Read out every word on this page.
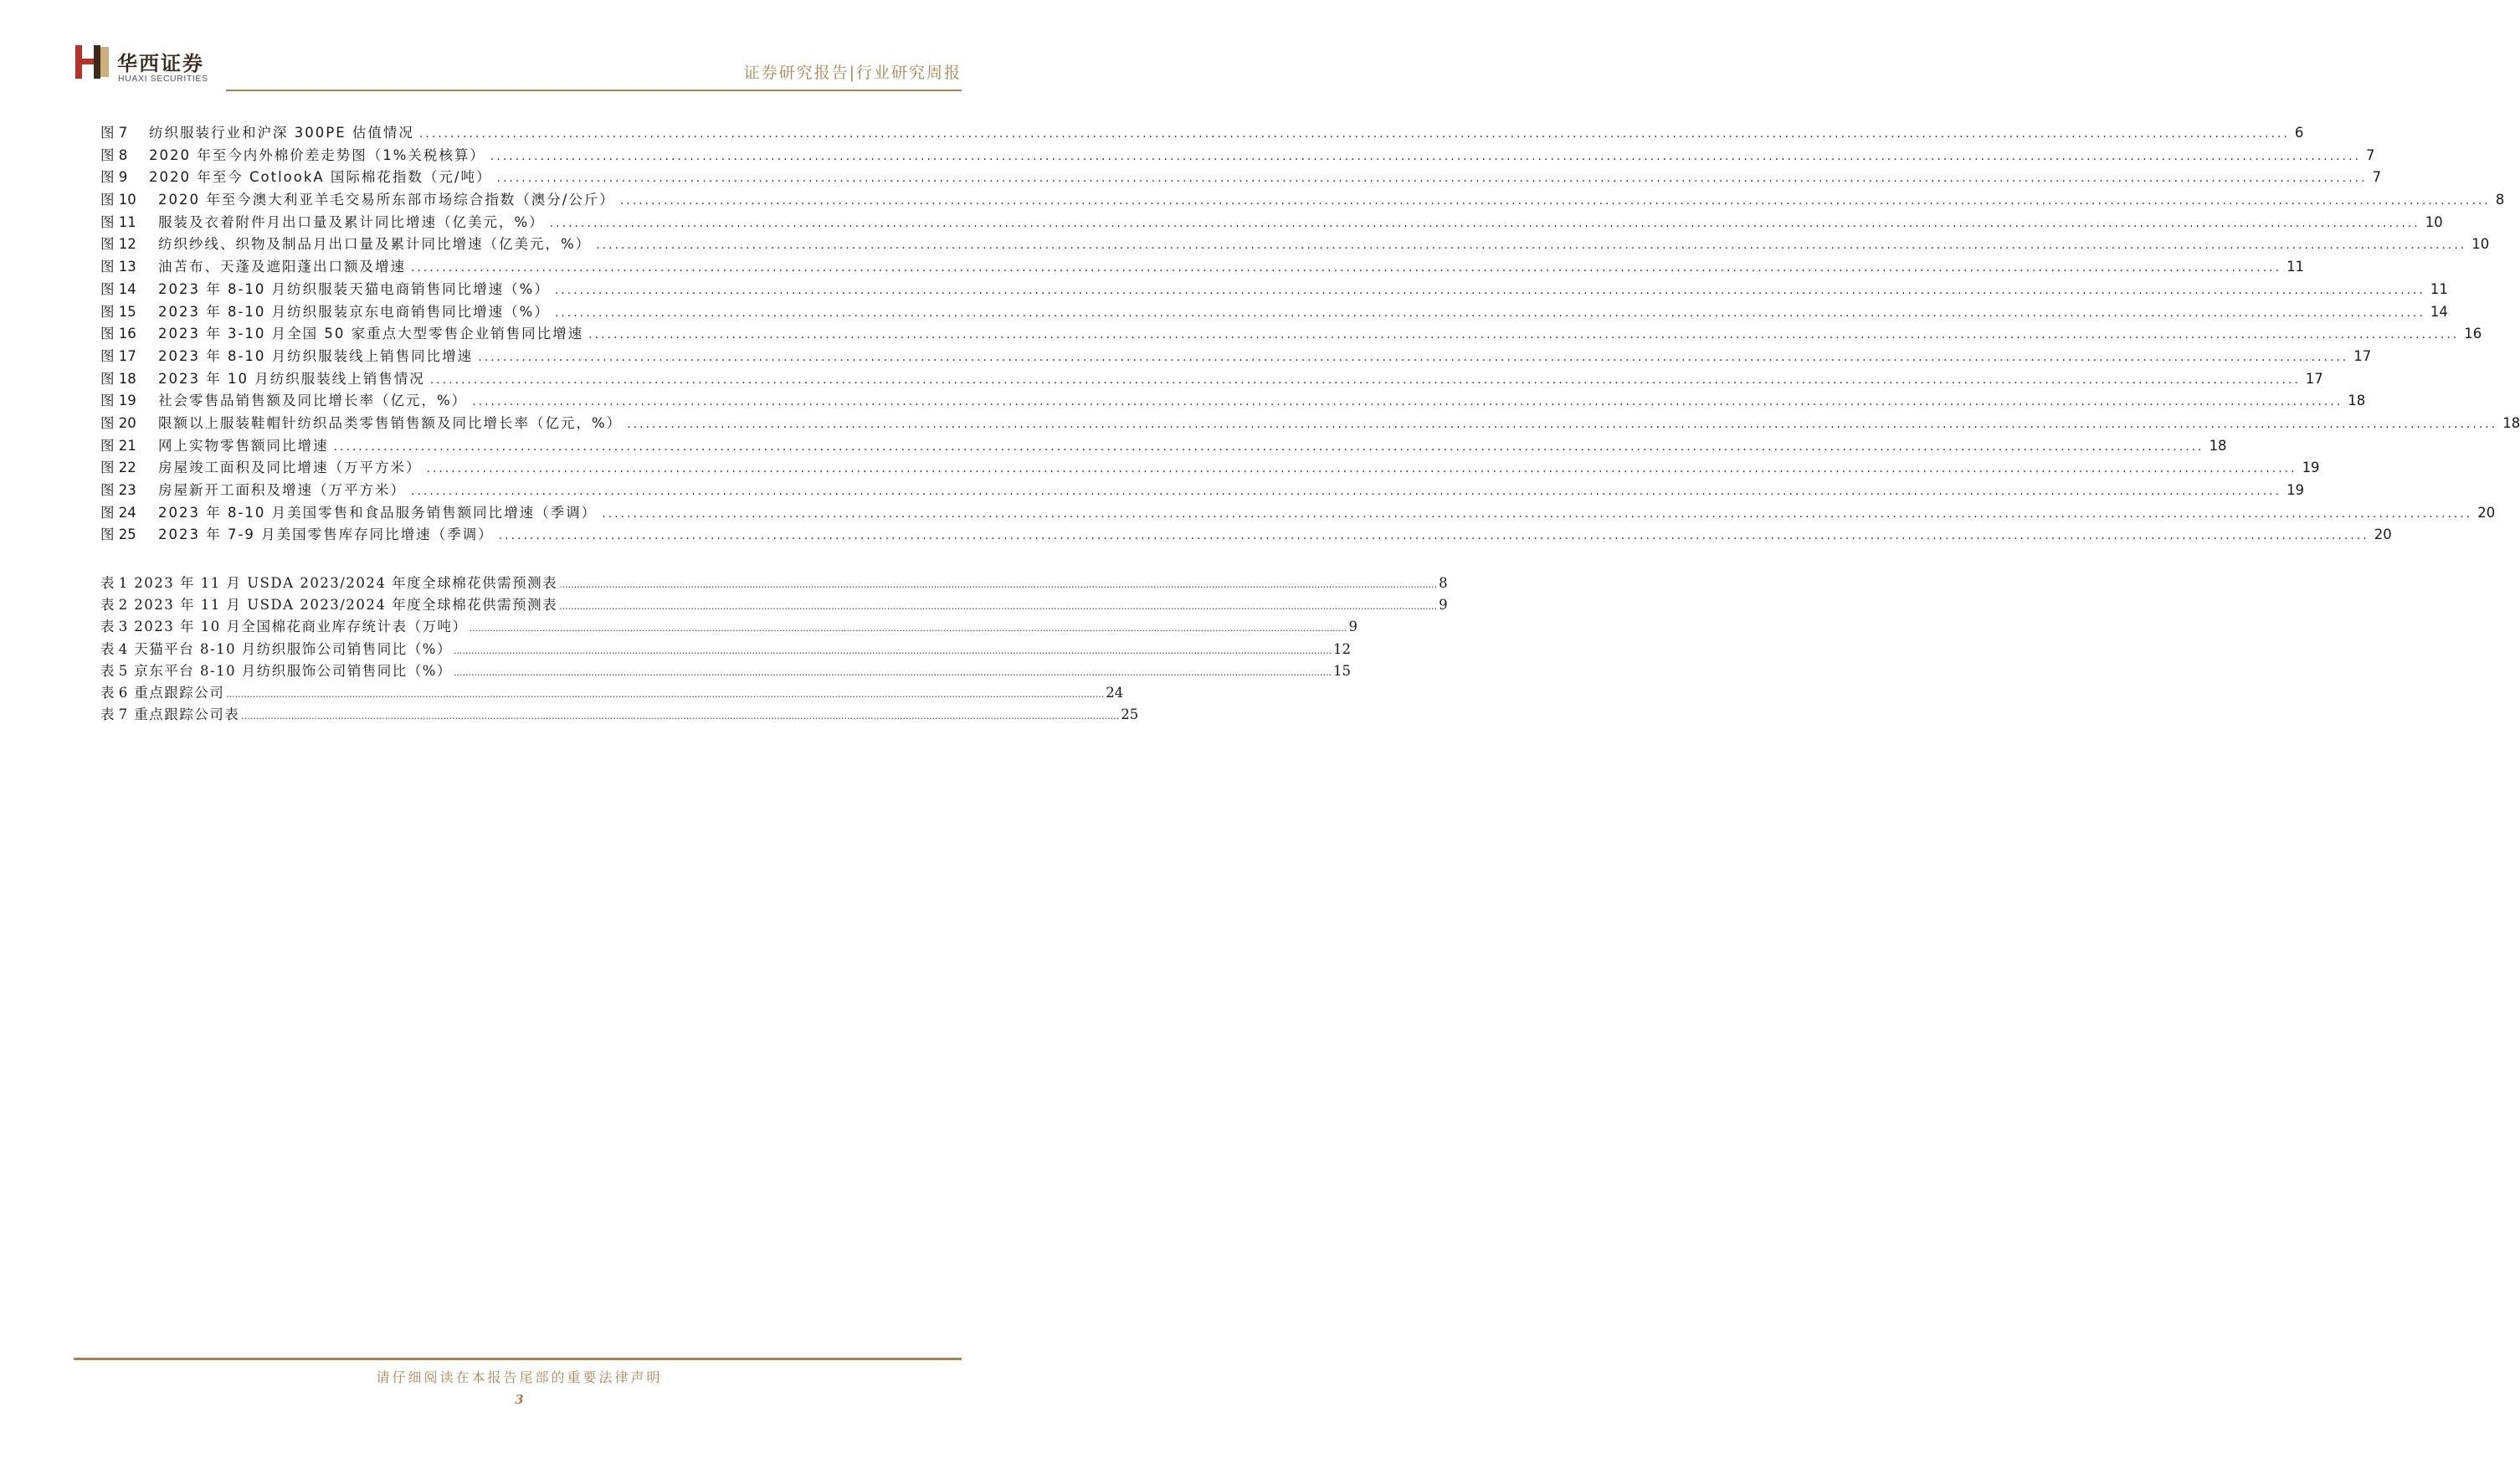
华西证券
HUAXI SECURITIES	证券研究报告|行业研究周报
图 7	纺织服装行业和沪深 300PE 估值情况 ............................................................................................................................................................................................................................................................................................................ 6
图 8	2020 年至今内外棉价差走势图（1%关税核算） ............................................................................................................................................................................................................................................................................................................ 7
图 9	2020 年至今 CotlookA 国际棉花指数（元/吨） ............................................................................................................................................................................................................................................................................................................ 7
图 10	2020 年至今澳大利亚羊毛交易所东部市场综合指数（澳分/公斤） ............................................................................................................................................................................................................................................................................................................ 8
图 11	服装及衣着附件月出口量及累计同比增速（亿美元，%） ............................................................................................................................................................................................................................................................................................................ 10
图 12	纺织纱线、织物及制品月出口量及累计同比增速（亿美元，%） ............................................................................................................................................................................................................................................................................................................ 10
图 13	油苫布、天蓬及遮阳蓬出口额及增速 ............................................................................................................................................................................................................................................................................................................ 11
图 14	2023 年 8-10 月纺织服装天猫电商销售同比增速（%） ............................................................................................................................................................................................................................................................................................................ 11
图 15	2023 年 8-10 月纺织服装京东电商销售同比增速（%） ............................................................................................................................................................................................................................................................................................................ 14
图 16	2023 年 3-10 月全国 50 家重点大型零售企业销售同比增速 ............................................................................................................................................................................................................................................................................................................ 16
图 17	2023 年 8-10 月纺织服装线上销售同比增速 ............................................................................................................................................................................................................................................................................................................ 17
图 18	2023 年 10 月纺织服装线上销售情况 ............................................................................................................................................................................................................................................................................................................ 17
图 19	社会零售品销售额及同比增长率（亿元，%） ............................................................................................................................................................................................................................................................................................................ 18
图 20	限额以上服装鞋帽针纺织品类零售销售额及同比增长率（亿元，%） ............................................................................................................................................................................................................................................................................................................ 18
图 21	网上实物零售额同比增速 ............................................................................................................................................................................................................................................................................................................ 18
图 22	房屋竣工面积及同比增速（万平方米） ............................................................................................................................................................................................................................................................................................................ 19
图 23	房屋新开工面积及增速（万平方米） ............................................................................................................................................................................................................................................................................................................ 19
图 24	2023 年 8-10 月美国零售和食品服务销售额同比增速（季调） ............................................................................................................................................................................................................................................................................................................ 20
图 25	2023 年 7-9 月美国零售库存同比增速（季调） ............................................................................................................................................................................................................................................................................................................ 20
表 1 2023 年 11 月 USDA 2023/2024 年度全球棉花供需预测表 ............................................................................................................................................................................................................................................................................................................ 8
表 2 2023 年 11 月 USDA 2023/2024 年度全球棉花供需预测表 ............................................................................................................................................................................................................................................................................................................ 9
表 3 2023 年 10 月全国棉花商业库存统计表（万吨） ............................................................................................................................................................................................................................................................................................................ 9
表 4 天猫平台 8-10 月纺织服饰公司销售同比（%） ............................................................................................................................................................................................................................................................................................................ 12
表 5 京东平台 8-10 月纺织服饰公司销售同比（%） ............................................................................................................................................................................................................................................................................................................ 15
表 6 重点跟踪公司 ............................................................................................................................................................................................................................................................................................................ 24
表 7 重点跟踪公司表 ............................................................................................................................................................................................................................................................................................................ 25
请仔细阅读在本报告尾部的重要法律声明
3
